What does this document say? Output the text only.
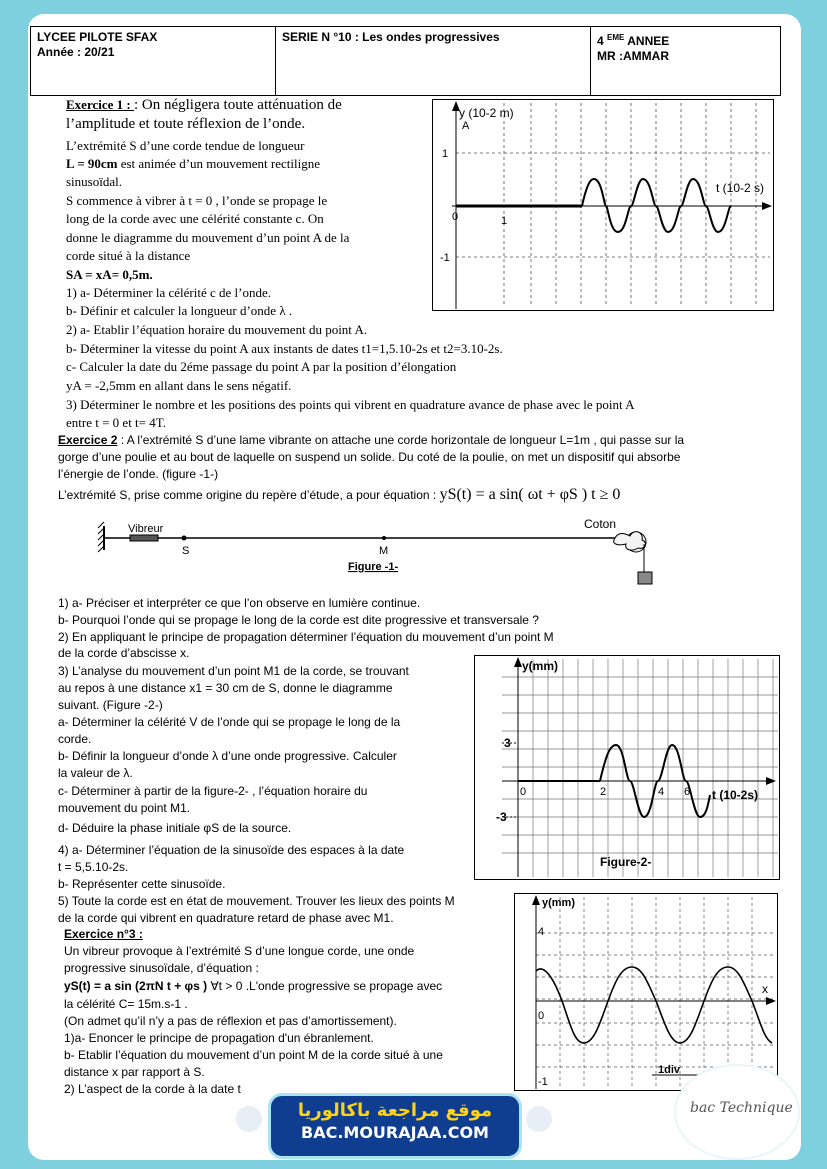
LYCEE PILOTE SFAX
Année : 20/21
SERIE N °10 : Les ondes progressives	4 $^{EME}$ ANNEE
MR :AMMAR
Exercice 1 : : On négligera toute atténuation de
l’amplitude et toute réflexion de l’onde.
L’extrémité S d’une corde tendue de longueur
L = 90cm est animée d’un mouvement rectiligne
sinusoïdal.
S commence à vibrer à t = 0 , l’onde se propage le
long de la corde avec une célérité constante c. On
donne le diagramme du mouvement d’un point A de la
corde situé à la distance
SA = xA= 0,5m.
1) a- Déterminer la célérité c de l’onde.
b- Définir et calculer la longueur d’onde λ .
2) a- Etablir l’équation horaire du mouvement du point A.
b- Déterminer la vitesse du point A aux instants de dates t1=1,5.10-2s et t2=3.10-2s.
c- Calculer la date du 2éme passage du point A par la position d’élongation
yA = -2,5mm en allant dans le sens négatif.
3) Déterminer le nombre et les positions des points qui vibrent en quadrature avance de phase avec le point A
entre t = 0 et t= 4T.
y (10-2 m)
A
t (10-2 s)
1
-1
0	1
Exercice 2 : A l’extrémité S d’une lame vibrante on attache une corde horizontale de longueur L=1m , qui passe sur la
gorge d’une poulie et au bout de laquelle on suspend un solide. Du coté de la poulie, on met un dispositif qui absorbe
l’énergie de l’onde. (figure -1-)
L’extrémité S, prise comme origine du repère d’étude, a pour équation : yS(t) = a sin( ωt + φS ) t ≥ 0
Vibreur	Coton
S	M
Figure -1-
1) a- Préciser et interpréter ce que l’on observe en lumière continue.
b- Pourquoi l’onde qui se propage le long de la corde est dite progressive et transversale ?
2) En appliquant le principe de propagation déterminer l’équation du mouvement d’un point M
de la corde d’abscisse x.
3) L’analyse du mouvement d’un point M1 de la corde, se trouvant
au repos à une distance x1 = 30 cm de S, donne le diagramme
suivant. (Figure -2-)
a- Déterminer la célérité V de l’onde qui se propage le long de la
corde.
b- Définir la longueur d’onde λ d’une onde progressive. Calculer
la valeur de λ.
c- Déterminer à partir de la figure-2- , l’équation horaire du
mouvement du point M1.
d- Déduire la phase initiale φS de la source.
4) a- Déterminer l’équation de la sinusoïde des espaces à la date
t = 5,5.10-2s.
b- Représenter cette sinusoïde.
5) Toute la corde est en état de mouvement. Trouver les lieux des points M
de la corde qui vibrent en quadrature retard de phase avec M1.
y(mm)
t (10-2s)
3
-3
0	2	4 6
Figure-2-
Exercice n°3 :
Un vibreur provoque à l’extrémité S d’une longue corde, une onde
progressive sinusoïdale, d’équation :
yS(t) = a sin (2πN t + φs ) ∀t > 0 .L'onde progressive se propage avec
la célérité C= 15m.s-1 .
(On admet qu’il n’y a pas de réflexion et pas d’amortissement).
1)a- Enoncer le principe de propagation d'un ébranlement.
b- Etablir l’équation du mouvement d’un point M de la corde situé à une
distance x par rapport à S.
2) L’aspect de la corde à la date t
y(mm)
x
4
0
-1
1div
موقع مراجعة باكالوريا
BAC.MOURAJAA.COM
bac Technique
